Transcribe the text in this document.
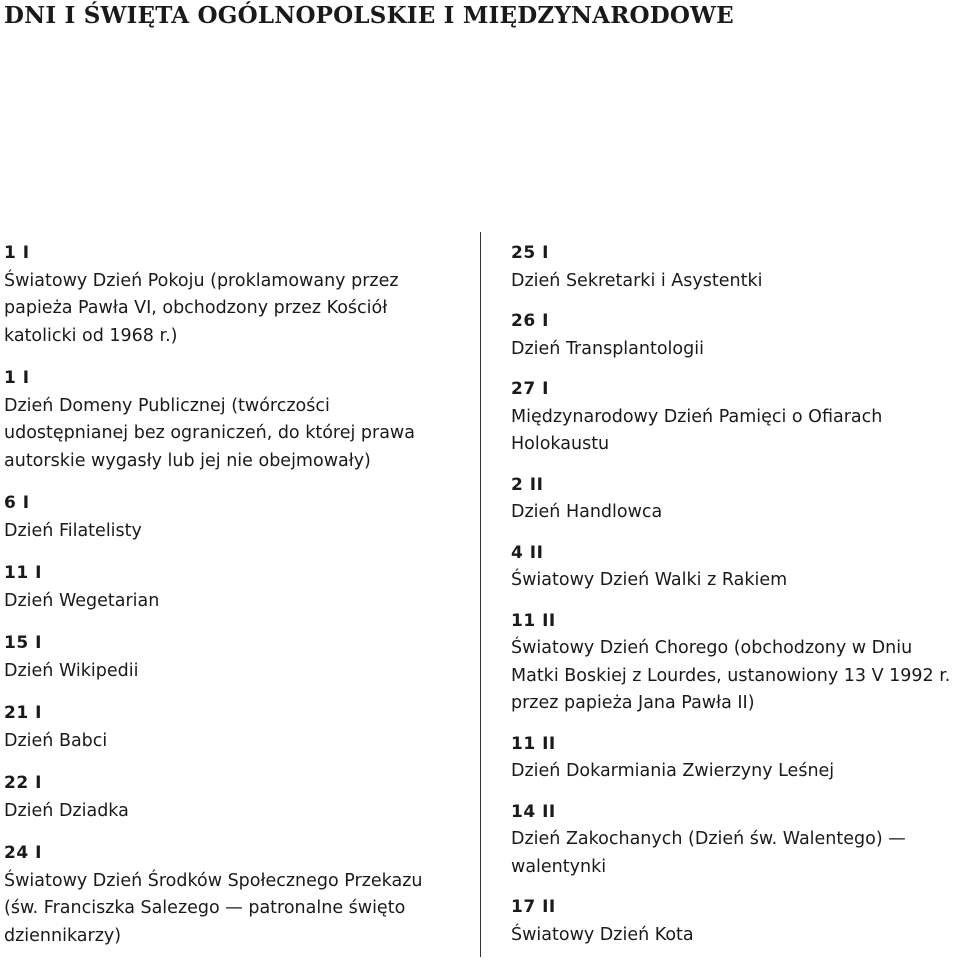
DNI I ŚWIĘTA OGÓLNOPOLSKIE I MIĘDZYNARODOWE
1 I
Światowy Dzień Pokoju (proklamowany przez papieża Pawła VI, obchodzony przez Kościół katolicki od 1968 r.)
1 I
Dzień Domeny Publicznej (twórczości udostępnianej bez ograniczeń, do której prawa autorskie wygasły lub jej nie obejmowały)
6 I
Dzień Filatelisty
11 I
Dzień Wegetarian
15 I
Dzień Wikipedii
21 I
Dzień Babci
22 I
Dzień Dziadka
24 I
Światowy Dzień Środków Społecznego Przekazu (św. Franciszka Salezego — patronalne święto dziennikarzy)
25 I
Dzień Sekretarki i Asystentki
26 I
Dzień Transplantologii
27 I
Międzynarodowy Dzień Pamięci o Ofiarach Holokaustu
2 II
Dzień Handlowca
4 II
Światowy Dzień Walki z Rakiem
11 II
Światowy Dzień Chorego (obchodzony w Dniu Matki Boskiej z Lourdes, ustanowiony 13 V 1992 r. przez papieża Jana Pawła II)
11 II
Dzień Dokarmiania Zwierzyny Leśnej
14 II
Dzień Zakochanych (Dzień św. Walentego) — walentynki
17 II
Światowy Dzień Kota
